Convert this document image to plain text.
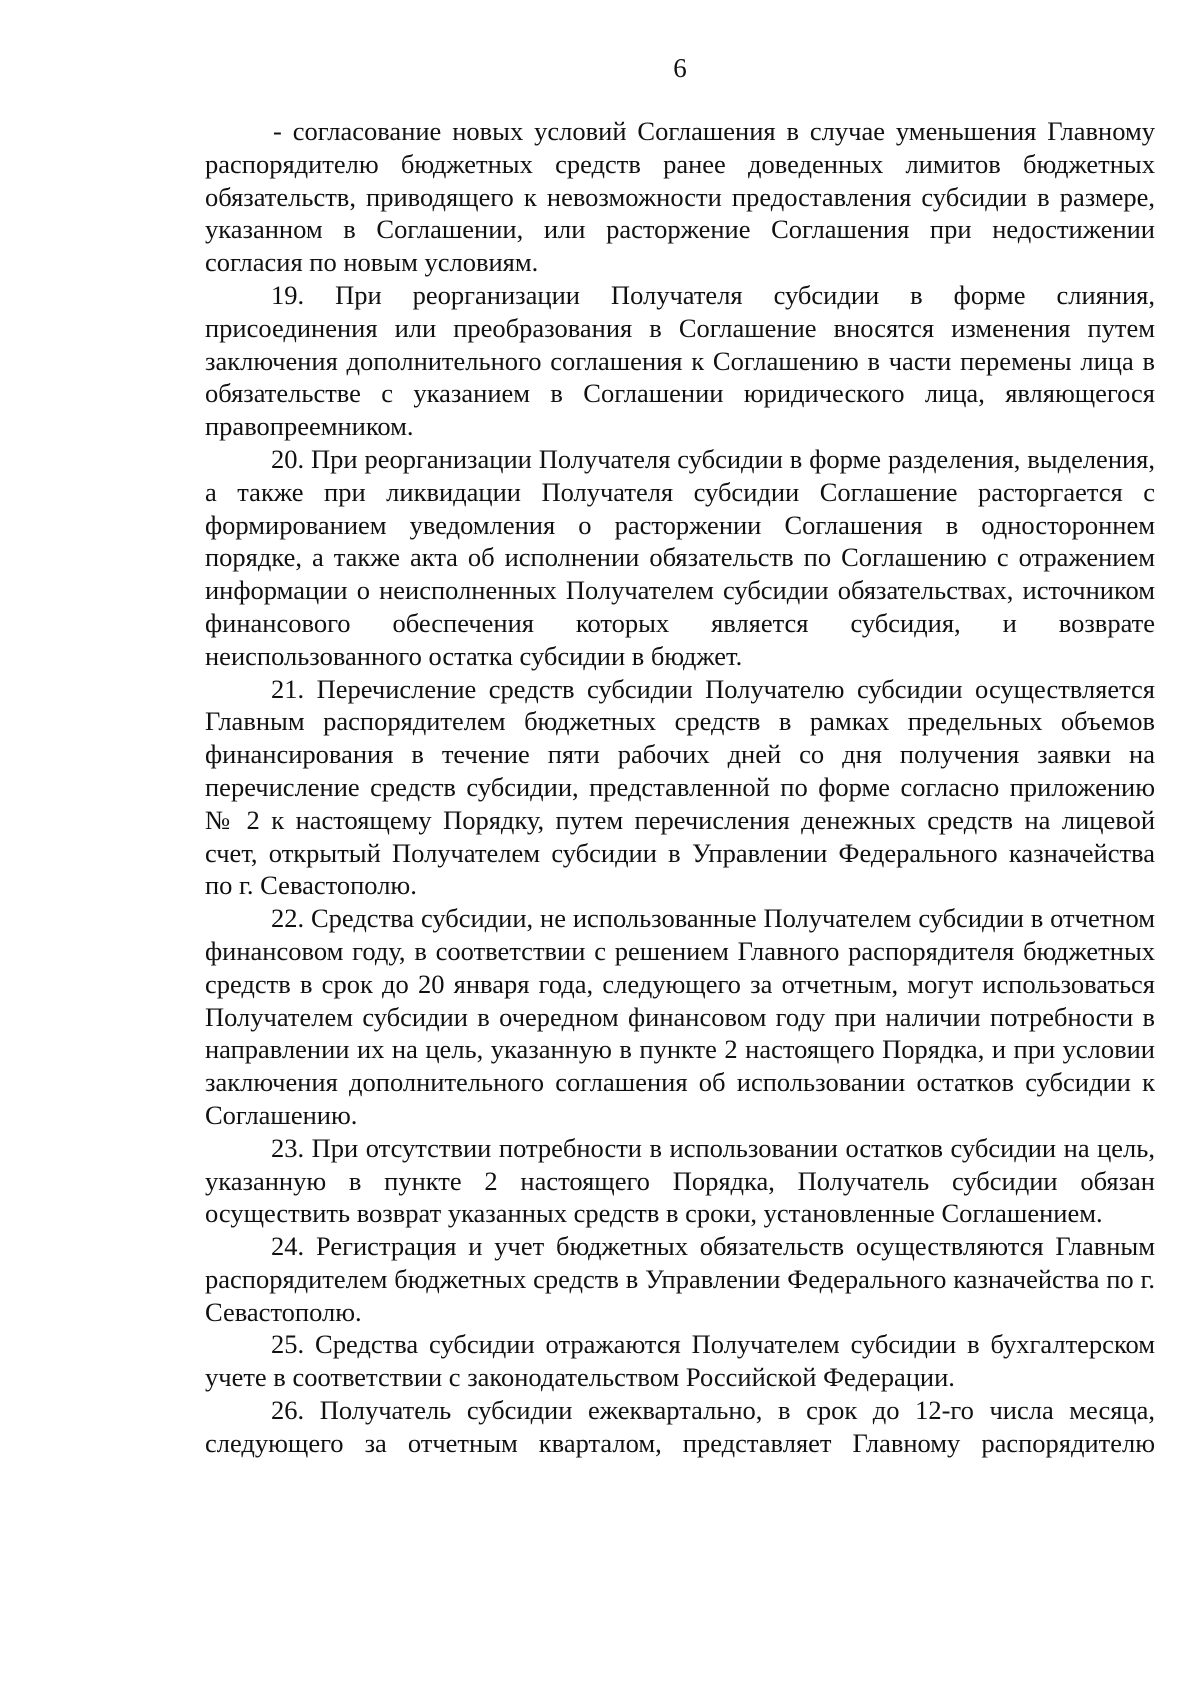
6

- согласование новых условий Соглашения в случае уменьшения Главному распорядителю бюджетных средств ранее доведенных лимитов бюджетных обязательств, приводящего к невозможности предоставления субсидии в размере, указанном в Соглашении, или расторжение Соглашения при недостижении согласия по новым условиям.

19. При реорганизации Получателя субсидии в форме слияния, присоединения или преобразования в Соглашение вносятся изменения путем заключения дополнительного соглашения к Соглашению в части перемены лица в обязательстве с указанием в Соглашении юридического лица, являющегося правопреемником.

20. При реорганизации Получателя субсидии в форме разделения, выделения, а также при ликвидации Получателя субсидии Соглашение расторгается с формированием уведомления о расторжении Соглашения в одностороннем порядке, а также акта об исполнении обязательств по Соглашению с отражением информации о неисполненных Получателем субсидии обязательствах, источником финансового обеспечения которых является субсидия, и возврате неиспользованного остатка субсидии в бюджет.

21. Перечисление средств субсидии Получателю субсидии осуществляется Главным распорядителем бюджетных средств в рамках предельных объемов финансирования в течение пяти рабочих дней со дня получения заявки на перечисление средств субсидии, представленной по форме согласно приложению № 2 к настоящему Порядку, путем перечисления денежных средств на лицевой счет, открытый Получателем субсидии в Управлении Федерального казначейства по г. Севастополю.

22. Средства субсидии, не использованные Получателем субсидии в отчетном финансовом году, в соответствии с решением Главного распорядителя бюджетных средств в срок до 20 января года, следующего за отчетным, могут использоваться Получателем субсидии в очередном финансовом году при наличии потребности в направлении их на цель, указанную в пункте 2 настоящего Порядка, и при условии заключения дополнительного соглашения об использовании остатков субсидии к Соглашению.

23. При отсутствии потребности в использовании остатков субсидии на цель, указанную в пункте 2 настоящего Порядка, Получатель субсидии обязан осуществить возврат указанных средств в сроки, установленные Соглашением.

24. Регистрация и учет бюджетных обязательств осуществляются Главным распорядителем бюджетных средств в Управлении Федерального казначейства по г. Севастополю.

25. Средства субсидии отражаются Получателем субсидии в бухгалтерском учете в соответствии с законодательством Российской Федерации.

26. Получатель субсидии ежеквартально, в срок до 12-го числа месяца, следующего за отчетным кварталом, представляет Главному распорядителю
